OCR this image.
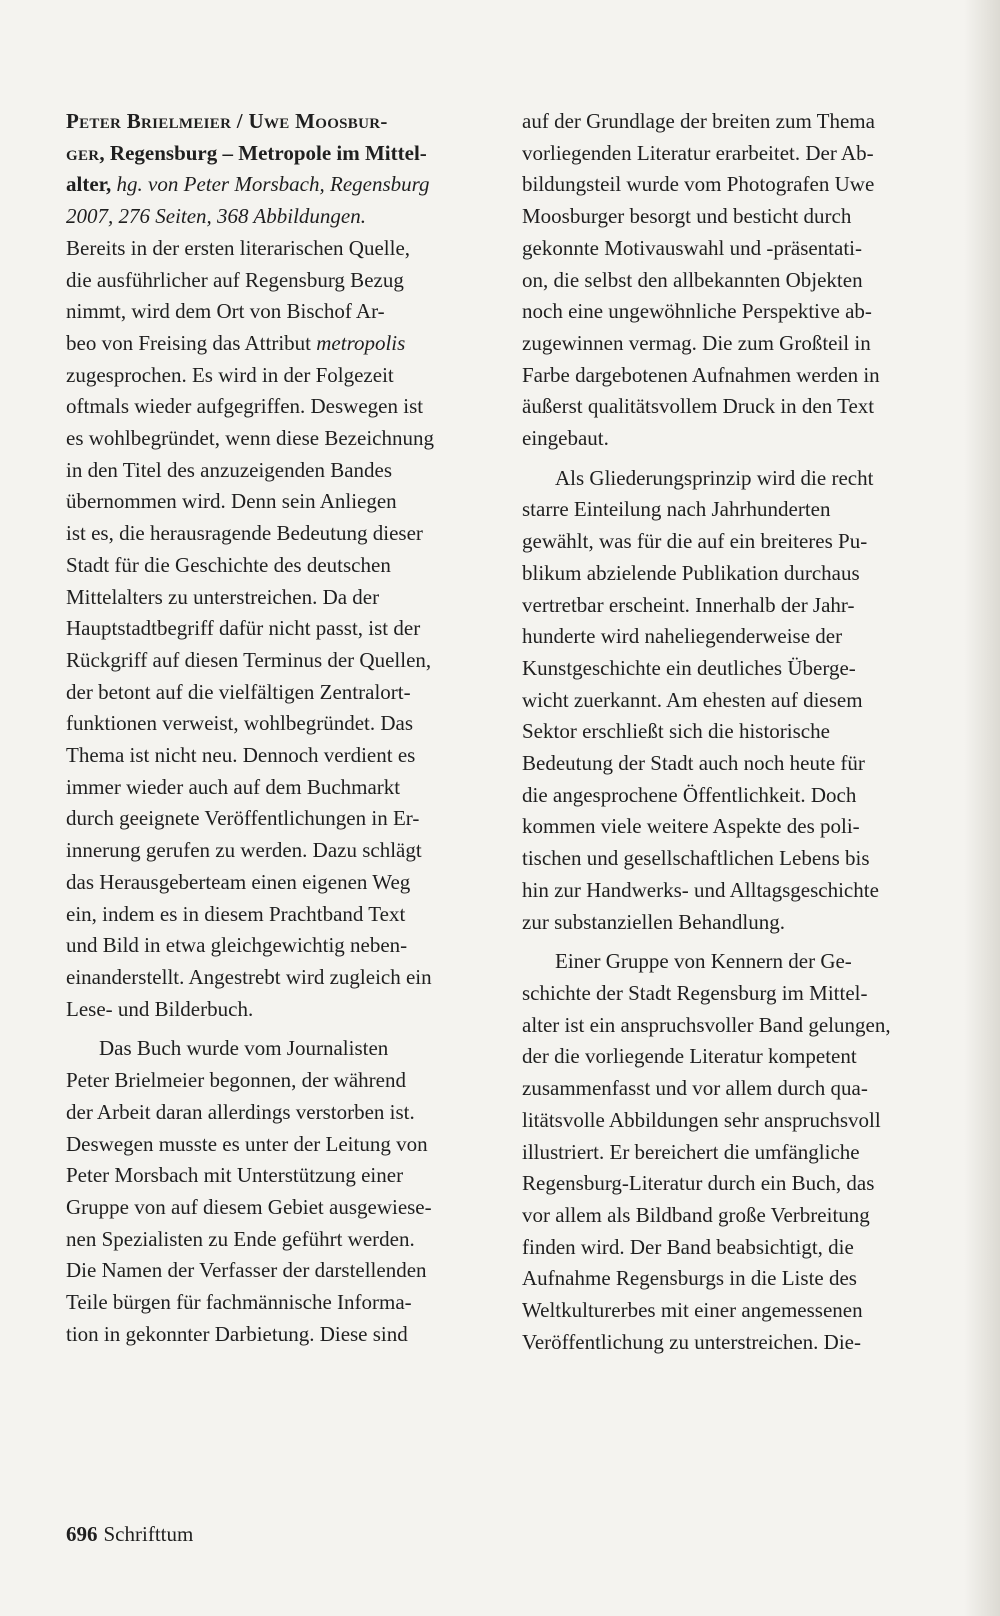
Peter Brielmeier / Uwe Moosbur-
ger, Regensburg – Metropole im Mittel-
alter, hg. von Peter Morsbach, Regensburg
2007, 276 Seiten, 368 Abbildungen.
Bereits in der ersten literarischen Quelle,
die ausführlicher auf Regensburg Bezug
nimmt, wird dem Ort von Bischof Ar-
beo von Freising das Attribut metropolis
zugesprochen. Es wird in der Folgezeit
oftmals wieder aufgegriffen. Deswegen ist
es wohlbegründet, wenn diese Bezeichnung
in den Titel des anzuzeigenden Bandes
übernommen wird. Denn sein Anliegen
ist es, die herausragende Bedeutung dieser
Stadt für die Geschichte des deutschen
Mittelalters zu unterstreichen. Da der
Hauptstadtbegriff dafür nicht passt, ist der
Rückgriff auf diesen Terminus der Quellen,
der betont auf die vielfältigen Zentralort-
funktionen verweist, wohlbegründet. Das
Thema ist nicht neu. Dennoch verdient es
immer wieder auch auf dem Buchmarkt
durch geeignete Veröffentlichungen in Er-
innerung gerufen zu werden. Dazu schlägt
das Herausgeberteam einen eigenen Weg
ein, indem es in diesem Prachtband Text
und Bild in etwa gleichgewichtig neben-
einanderstellt. Angestrebt wird zugleich ein
Lese- und Bilderbuch.
Das Buch wurde vom Journalisten
Peter Brielmeier begonnen, der während
der Arbeit daran allerdings verstorben ist.
Deswegen musste es unter der Leitung von
Peter Morsbach mit Unterstützung einer
Gruppe von auf diesem Gebiet ausgewiese-
nen Spezialisten zu Ende geführt werden.
Die Namen der Verfasser der darstellenden
Teile bürgen für fachmännische Informa-
tion in gekonnter Darbietung. Diese sind
auf der Grundlage der breiten zum Thema
vorliegenden Literatur erarbeitet. Der Ab-
bildungsteil wurde vom Photografen Uwe
Moosburger besorgt und besticht durch
gekonnte Motivauswahl und -präsentati-
on, die selbst den allbekannten Objekten
noch eine ungewöhnliche Perspektive ab-
zugewinnen vermag. Die zum Großteil in
Farbe dargebotenen Aufnahmen werden in
äußerst qualitätsvollem Druck in den Text
eingebaut.
Als Gliederungsprinzip wird die recht
starre Einteilung nach Jahrhunderten
gewählt, was für die auf ein breiteres Pu-
blikum abzielende Publikation durchaus
vertretbar erscheint. Innerhalb der Jahr-
hunderte wird naheliegenderweise der
Kunstgeschichte ein deutliches Überge-
wicht zuerkannt. Am ehesten auf diesem
Sektor erschließt sich die historische
Bedeutung der Stadt auch noch heute für
die angesprochene Öffentlichkeit. Doch
kommen viele weitere Aspekte des poli-
tischen und gesellschaftlichen Lebens bis
hin zur Handwerks- und Alltagsgeschichte
zur substanziellen Behandlung.
Einer Gruppe von Kennern der Ge-
schichte der Stadt Regensburg im Mittel-
alter ist ein anspruchsvoller Band gelungen,
der die vorliegende Literatur kompetent
zusammenfasst und vor allem durch qua-
litätsvolle Abbildungen sehr anspruchsvoll
illustriert. Er bereichert die umfängliche
Regensburg-Literatur durch ein Buch, das
vor allem als Bildband große Verbreitung
finden wird. Der Band beabsichtigt, die
Aufnahme Regensburgs in die Liste des
Weltkulturerbes mit einer angemessenen
Veröffentlichung zu unterstreichen. Die-
696 Schrifttum
